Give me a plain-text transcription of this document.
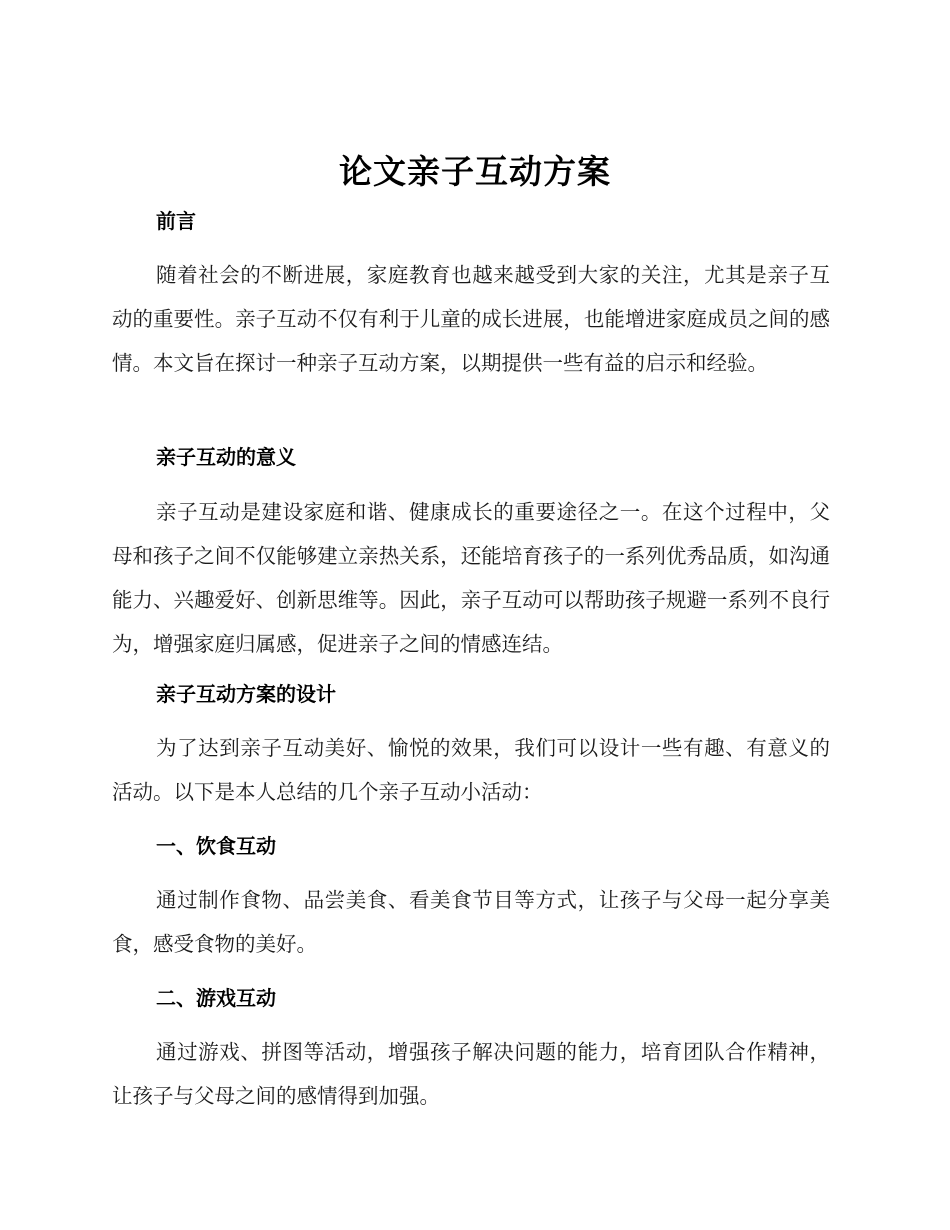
论文亲子互动方案
前言
随着社会的不断进展，家庭教育也越来越受到大家的关注，尤其是亲子互动的重要性。亲子互动不仅有利于儿童的成长进展，也能增进家庭成员之间的感情。本文旨在探讨一种亲子互动方案，以期提供一些有益的启示和经验。
亲子互动的意义
亲子互动是建设家庭和谐、健康成长的重要途径之一。在这个过程中，父母和孩子之间不仅能够建立亲热关系，还能培育孩子的一系列优秀品质，如沟通能力、兴趣爱好、创新思维等。因此，亲子互动可以帮助孩子规避一系列不良行为，增强家庭归属感，促进亲子之间的情感连结。
亲子互动方案的设计
为了达到亲子互动美好、愉悦的效果，我们可以设计一些有趣、有意义的活动。以下是本人总结的几个亲子互动小活动：
一、饮食互动
通过制作食物、品尝美食、看美食节目等方式，让孩子与父母一起分享美食，感受食物的美好。
二、游戏互动
通过游戏、拼图等活动，增强孩子解决问题的能力，培育团队合作精神，让孩子与父母之间的感情得到加强。
